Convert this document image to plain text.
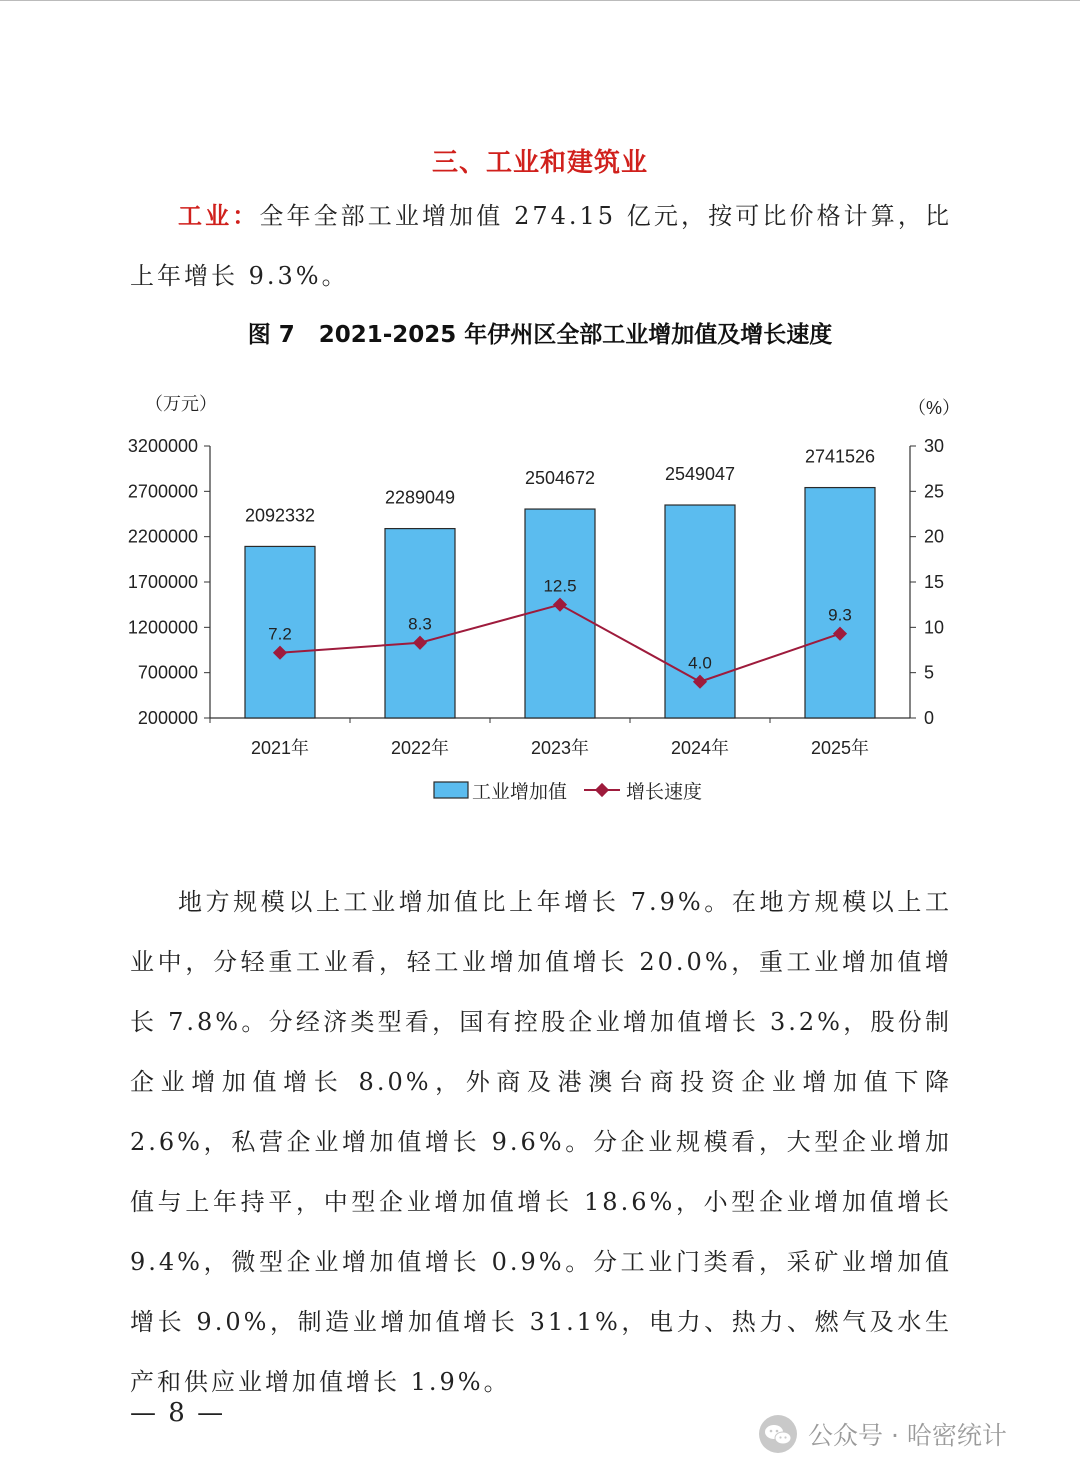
三、工业和建筑业
工业：全年全部工业增加值 274.15 亿元，按可比价格计算，比上年增长 9.3%。
图 7 2021-2025 年伊州区全部工业增加值及增长速度
（万元）	（%）
3200000
2700000
2200000
1700000
1200000
700000
200000
30
25
20
15
10
5
0
2092332
2021年
2289049
2022年
2504672
2023年
2549047
2024年
2741526
2025年
7.2
8.3
12.5
4.0
9.3
工业增加值	增长速度
地方规模以上工业增加值比上年增长 7.9%。在地方规模以上工业中，分轻重工业看，轻工业增加值增长 20.0%，重工业增加值增长 7.8%。分经济类型看，国有控股企业增加值增长 3.2%，股份制企业增加值增长 8.0%，外商及港澳台商投资企业增加值下降 2.6%，私营企业增加值增长 9.6%。分企业规模看，大型企业增加值与上年持平，中型企业增加值增长 18.6%，小型企业增加值增长 9.4%，微型企业增加值增长 0.9%。分工业门类看，采矿业增加值增长 9.0%，制造业增加值增长 31.1%，电力、热力、燃气及水生产和供应业增加值增长 1.9%。
— 8 —
公众号 · 哈密统计
